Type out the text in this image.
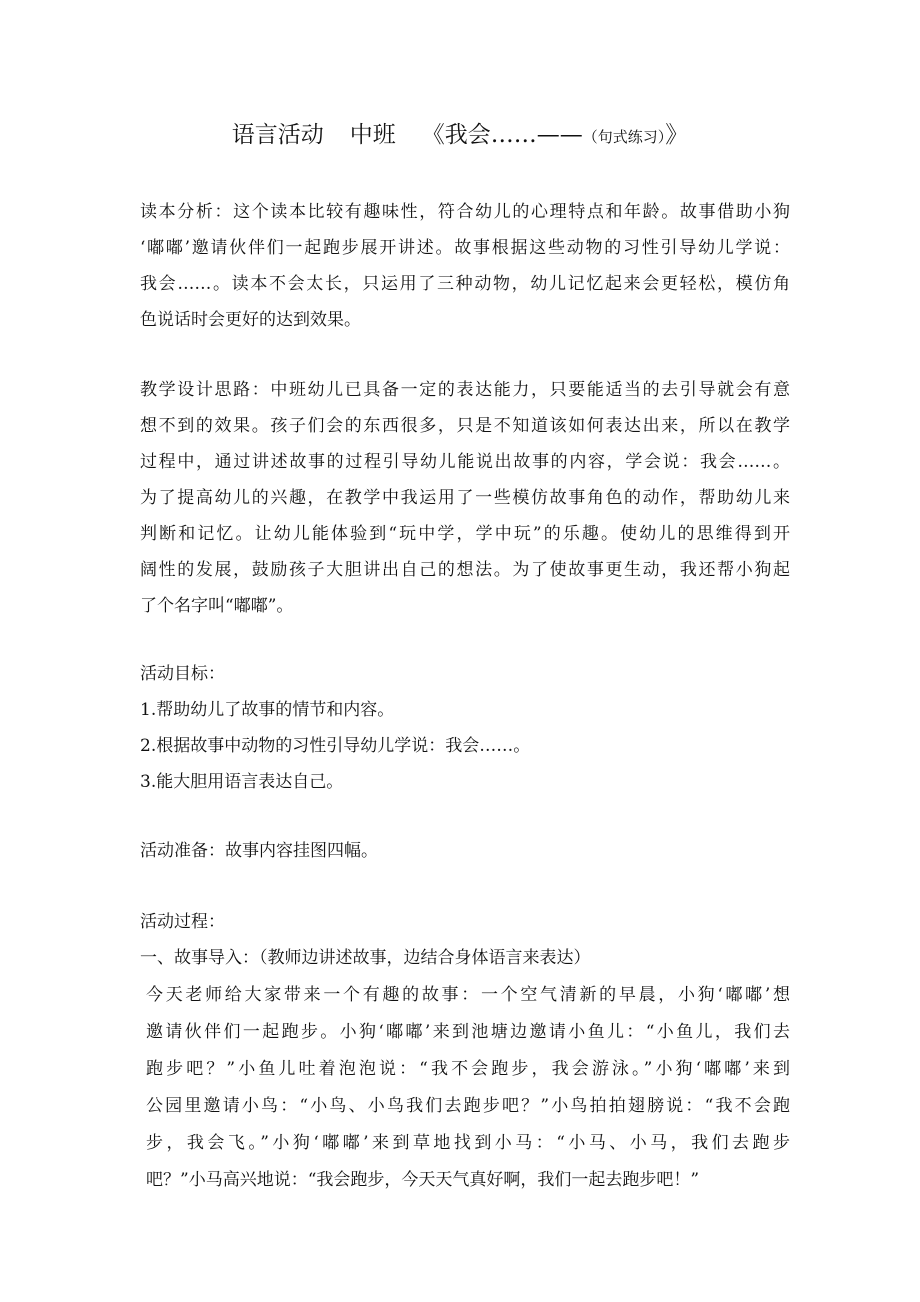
语言活动 中班 《我会……——（句式练习）》
读本分析：这个读本比较有趣味性，符合幼儿的心理特点和年龄。故事借助小狗
‘嘟嘟’邀请伙伴们一起跑步展开讲述。故事根据这些动物的习性引导幼儿学说：
我会……。读本不会太长，只运用了三种动物，幼儿记忆起来会更轻松，模仿角
色说话时会更好的达到效果。
教学设计思路：中班幼儿已具备一定的表达能力，只要能适当的去引导就会有意
想不到的效果。孩子们会的东西很多，只是不知道该如何表达出来，所以在教学
过程中，通过讲述故事的过程引导幼儿能说出故事的内容，学会说：我会……。
为了提高幼儿的兴趣，在教学中我运用了一些模仿故事角色的动作，帮助幼儿来
判断和记忆。让幼儿能体验到“玩中学，学中玩”的乐趣。使幼儿的思维得到开
阔性的发展，鼓励孩子大胆讲出自己的想法。为了使故事更生动，我还帮小狗起
了个名字叫“嘟嘟”。
活动目标：
1.帮助幼儿了故事的情节和内容。
2.根据故事中动物的习性引导幼儿学说：我会……。
3.能大胆用语言表达自己。
活动准备：故事内容挂图四幅。
活动过程：
一、故事导入：（教师边讲述故事，边结合身体语言来表达）
今天老师给大家带来一个有趣的故事：一个空气清新的早晨，小狗‘嘟嘟’想
邀请伙伴们一起跑步。小狗‘嘟嘟’来到池塘边邀请小鱼儿：“小鱼儿，我们去
跑步吧？”小鱼儿吐着泡泡说：“我不会跑步，我会游泳。”小狗‘嘟嘟’来到
公园里邀请小鸟：“小鸟、小鸟我们去跑步吧？”小鸟拍拍翅膀说：“我不会跑
步，我会飞。”小狗‘嘟嘟’来到草地找到小马：“小马、小马，我们去跑步
吧？”小马高兴地说：“我会跑步，今天天气真好啊，我们一起去跑步吧！”
